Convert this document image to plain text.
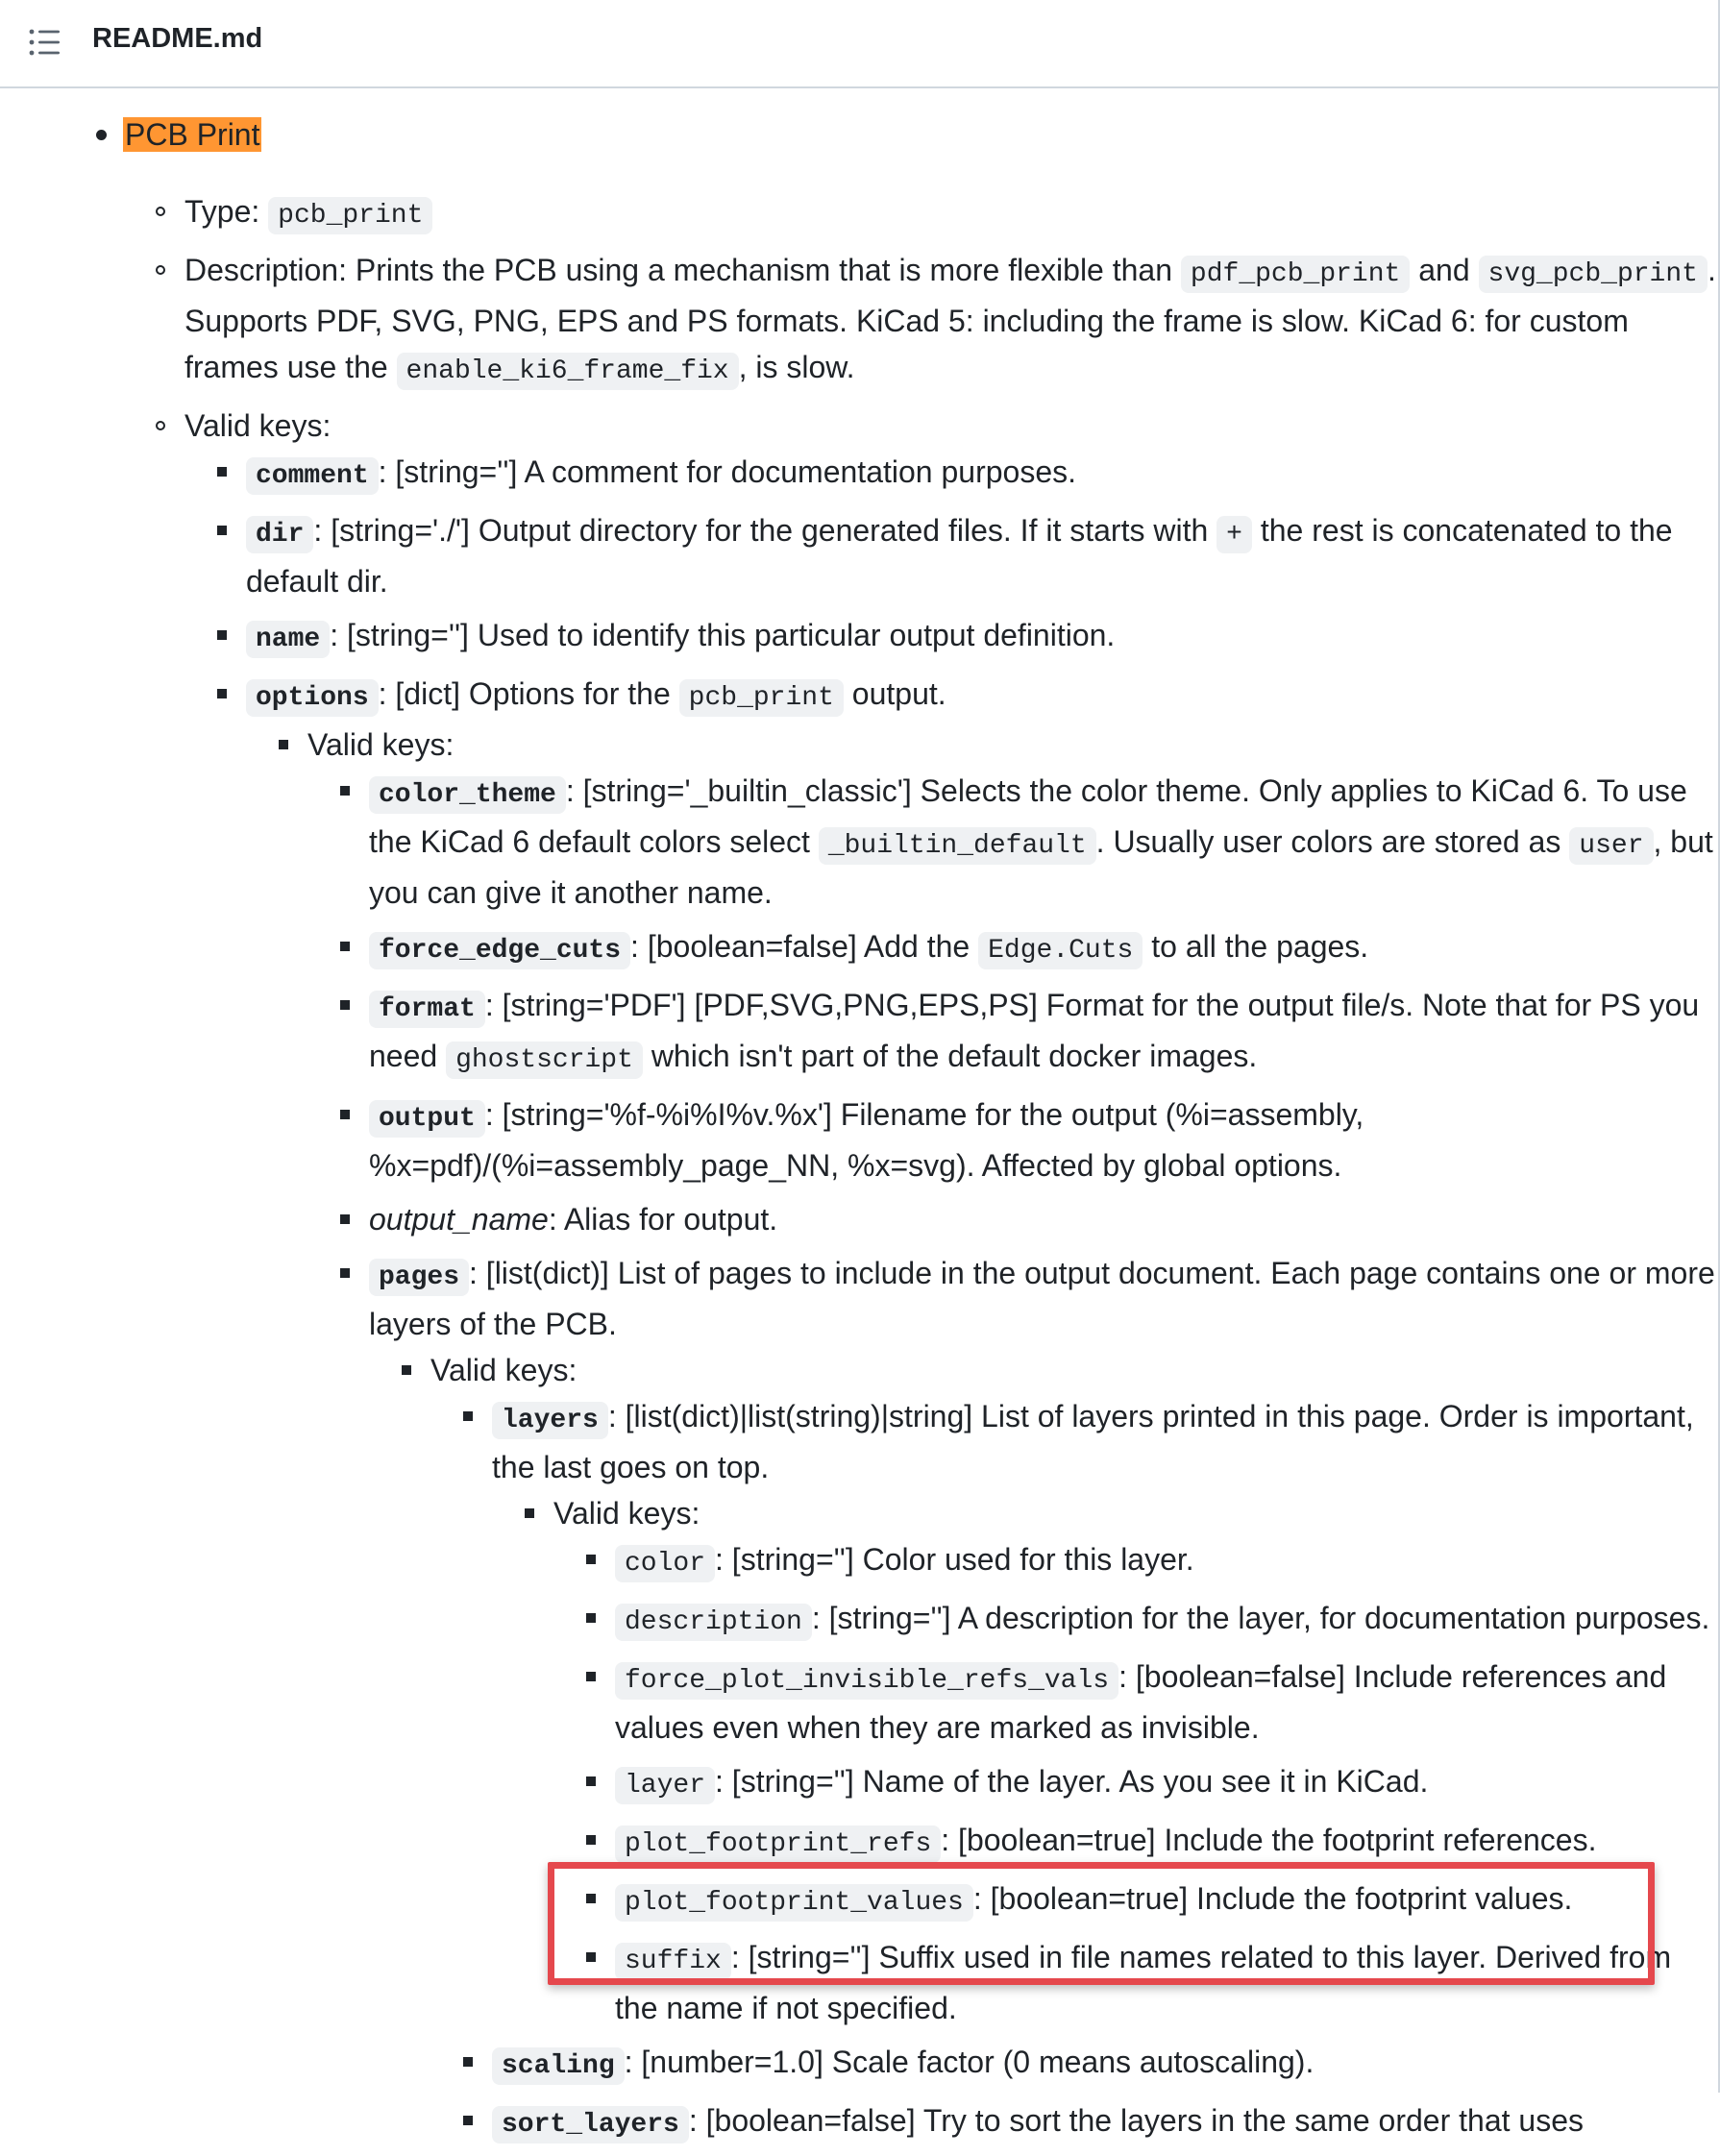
README.md
PCB Print
Type: pcb_print
Description: Prints the PCB using a mechanism that is more flexible than pdf_pcb_print and svg_pcb_print . Supports PDF, SVG, PNG, EPS and PS formats. KiCad 5: including the frame is slow. KiCad 6: for custom frames use the enable_ki6_frame_fix , is slow.
Valid keys:
comment : [string=''] A comment for documentation purposes.
dir : [string='./'] Output directory for the generated files. If it starts with + the rest is concatenated to the default dir.
name : [string=''] Used to identify this particular output definition.
options : [dict] Options for the pcb_print output.
Valid keys:
color_theme : [string='_builtin_classic'] Selects the color theme. Only applies to KiCad 6. To use the KiCad 6 default colors select _builtin_default . Usually user colors are stored as user , but you can give it another name.
force_edge_cuts : [boolean=false] Add the Edge.Cuts to all the pages.
format : [string='PDF'] [PDF,SVG,PNG,EPS,PS] Format for the output file/s. Note that for PS you need ghostscript which isn't part of the default docker images.
output : [string='%f-%i%I%v.%x'] Filename for the output (%i=assembly, %x=pdf)/(%i=assembly_page_NN, %x=svg). Affected by global options.
output_name: Alias for output.
pages : [list(dict)] List of pages to include in the output document. Each page contains one or more layers of the PCB.
Valid keys:
layers : [list(dict)|list(string)|string] List of layers printed in this page. Order is important, the last goes on top.
Valid keys:
color : [string=''] Color used for this layer.
description : [string=''] A description for the layer, for documentation purposes.
force_plot_invisible_refs_vals : [boolean=false] Include references and values even when they are marked as invisible.
layer : [string=''] Name of the layer. As you see it in KiCad.
plot_footprint_refs : [boolean=true] Include the footprint references.
plot_footprint_values : [boolean=true] Include the footprint values.
suffix : [string=''] Suffix used in file names related to this layer. Derived from the name if not specified.
scaling : [number=1.0] Scale factor (0 means autoscaling).
sort_layers : [boolean=false] Try to sort the layers in the same order that uses
